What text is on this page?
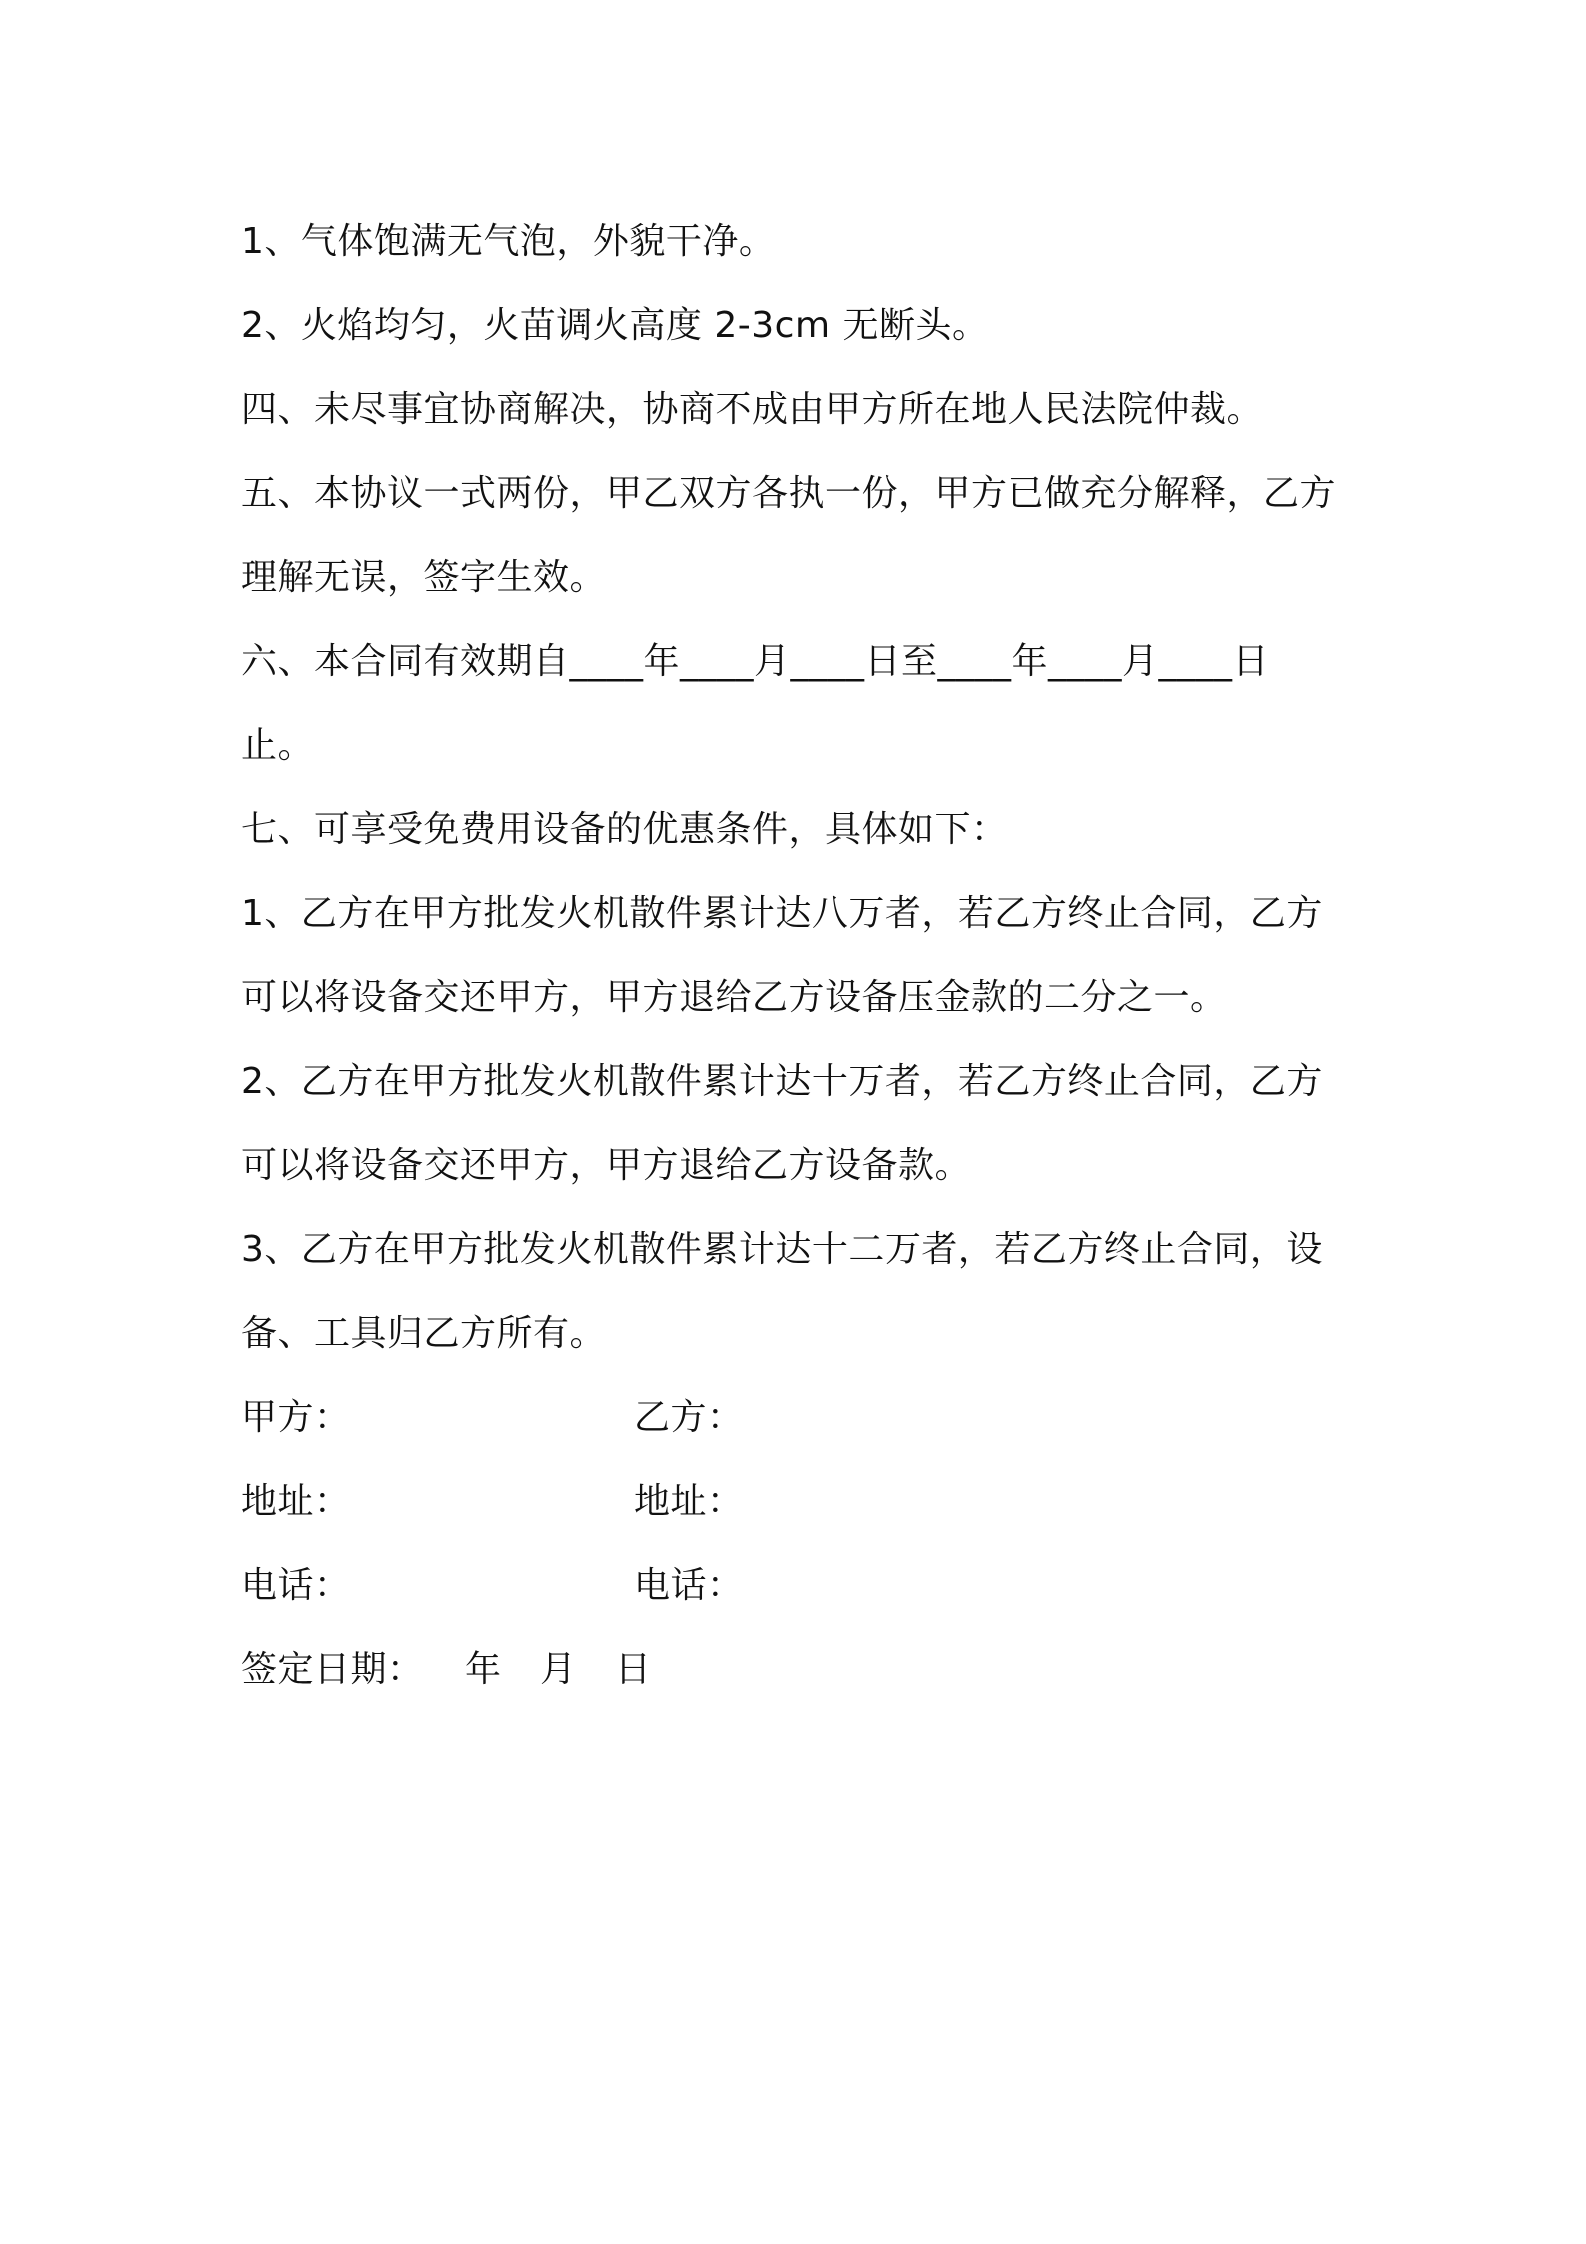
1、气体饱满无气泡，外貌干净。
2、火焰均匀，火苗调火高度 2-3cm 无断头。
四、未尽事宜协商解决，协商不成由甲方所在地人民法院仲裁。
五、本协议一式两份，甲乙双方各执一份，甲方已做充分解释，乙方
理解无误，签字生效。
六、本合同有效期自____年____月____日至____年____月____日
止。
七、可享受免费用设备的优惠条件，具体如下：
1、乙方在甲方批发火机散件累计达八万者，若乙方终止合同，乙方
可以将设备交还甲方，甲方退给乙方设备压金款的二分之一。
2、乙方在甲方批发火机散件累计达十万者，若乙方终止合同，乙方
可以将设备交还甲方，甲方退给乙方设备款。
3、乙方在甲方批发火机散件累计达十二万者，若乙方终止合同，设
备、工具归乙方所有。
甲方：	乙方：
地址：	地址：
电话：	电话：
签定日期：	年	月	日
